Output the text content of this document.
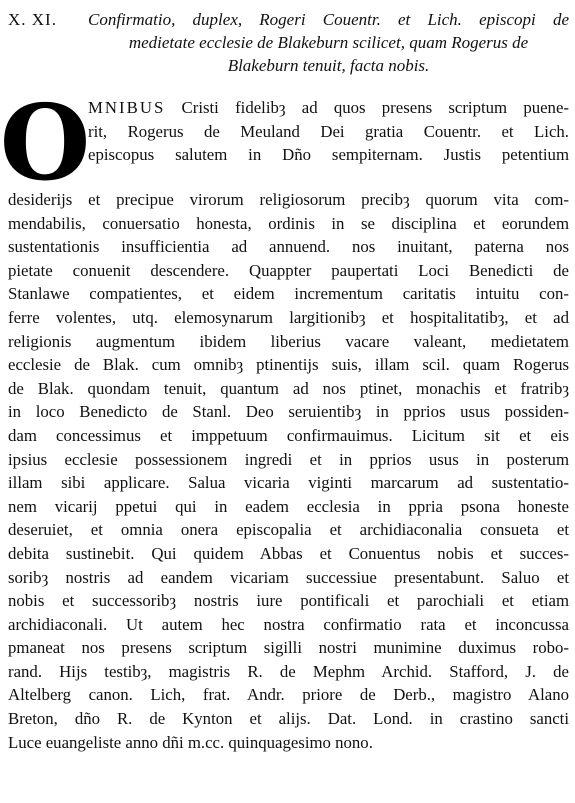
X. XI.	Confirmatio, duplex, Rogeri Couentr. et Lich. episcopi de
medietate ecclesie de Blakeburn scilicet, quam Rogerus de
Blakeburn tenuit, facta nobis.
O
MNIBUS Cristi fidelibȝ ad quos presens scriptum puene-
rit, Rogerus de Meuland Dei gratia Couentr. et Lich.
episcopus salutem in Dño sempiternam. Justis petentium
desiderijs et precipue virorum religiosorum precibȝ quorum vita com-
mendabilis, conuersatio honesta, ordinis in se disciplina et eorundem
sustentationis insufficientia ad annuend. nos inuitant, paterna nos
pietate conuenit descendere. Quappter paupertati Loci Benedicti de
Stanlawe compatientes, et eidem incrementum caritatis intuitu con-
ferre volentes, utq. elemosynarum largitionibȝ et hospitalitatibȝ, et ad
religionis augmentum ibidem liberius vacare valeant, medietatem
ecclesie de Blak. cum omnibȝ ptinentijs suis, illam scil. quam Rogerus
de Blak. quondam tenuit, quantum ad nos ptinet, monachis et fratribȝ
in loco Benedicto de Stanl. Deo seruientibȝ in pprios usus possiden-
dam concessimus et imppetuum confirmauimus. Licitum sit et eis
ipsius ecclesie possessionem ingredi et in pprios usus in posterum
illam sibi applicare. Salua vicaria viginti marcarum ad sustentatio-
nem vicarij ppetui qui in eadem ecclesia in ppria psona honeste
deseruiet, et omnia onera episcopalia et archidiaconalia consueta et
debita sustinebit. Qui quidem Abbas et Conuentus nobis et succes-
soribȝ nostris ad eandem vicariam successiue presentabunt. Saluo et
nobis et successoribȝ nostris iure pontificali et parochiali et etiam
archidiaconali. Ut autem hec nostra confirmatio rata et inconcussa
pmaneat nos presens scriptum sigilli nostri munimine duximus robo-
rand. Hijs testibȝ, magistris R. de Mephm Archid. Stafford, J. de
Altelberg canon. Lich, frat. Andr. priore de Derb., magistro Alano
Breton, dño R. de Kynton et alijs. Dat. Lond. in crastino sancti
Luce euangeliste anno dñi m.cc. quinquagesimo nono.
